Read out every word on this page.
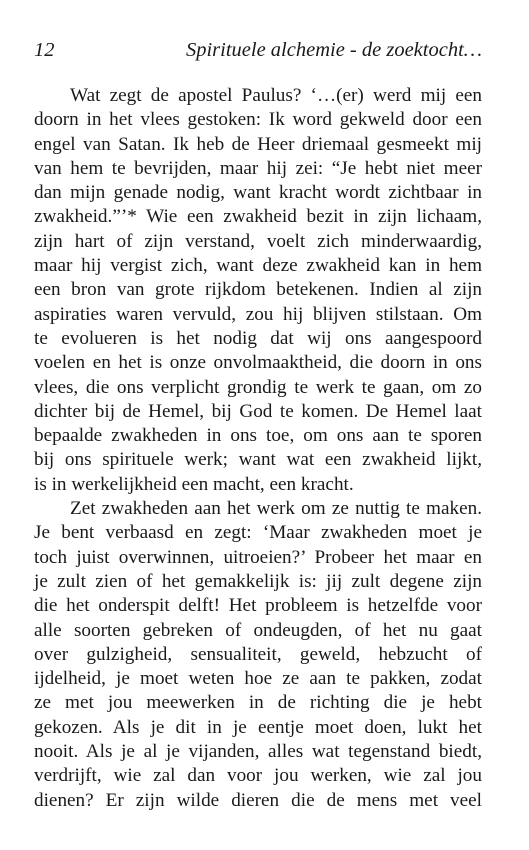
12	Spirituele alchemie - de zoektocht…

Wat zegt de apostel Paulus? ‘…(er) werd mij een
doorn in het vlees gestoken: Ik word gekweld door een
engel van Satan. Ik heb de Heer driemaal gesmeekt mij
van hem te bevrijden, maar hij zei: “Je hebt niet meer
dan mijn genade nodig, want kracht wordt zichtbaar in
zwakheid.”’* Wie een zwakheid bezit in zijn lichaam,
zijn hart of zijn verstand, voelt zich minderwaardig,
maar hij vergist zich, want deze zwakheid kan in hem
een bron van grote rijkdom betekenen. Indien al zijn
aspiraties waren vervuld, zou hij blijven stilstaan. Om
te evolueren is het nodig dat wij ons aangespoord
voelen en het is onze onvolmaaktheid, die doorn in ons
vlees, die ons verplicht grondig te werk te gaan, om zo
dichter bij de Hemel, bij God te komen. De Hemel laat
bepaalde zwakheden in ons toe, om ons aan te sporen
bij ons spirituele werk; want wat een zwakheid lijkt,
is in werkelijkheid een macht, een kracht.

Zet zwakheden aan het werk om ze nuttig te maken.
Je bent verbaasd en zegt: ‘Maar zwakheden moet je
toch juist overwinnen, uitroeien?’ Probeer het maar en
je zult zien of het gemakkelijk is: jij zult degene zijn
die het onderspit delft! Het probleem is hetzelfde voor
alle soorten gebreken of ondeugden, of het nu gaat
over gulzigheid, sensualiteit, geweld, hebzucht of
ijdelheid, je moet weten hoe ze aan te pakken, zodat
ze met jou meewerken in de richting die je hebt
gekozen. Als je dit in je eentje moet doen, lukt het
nooit. Als je al je vijanden, alles wat tegenstand biedt,
verdrijft, wie zal dan voor jou werken, wie zal jou
dienen? Er zijn wilde dieren die de mens met veel
